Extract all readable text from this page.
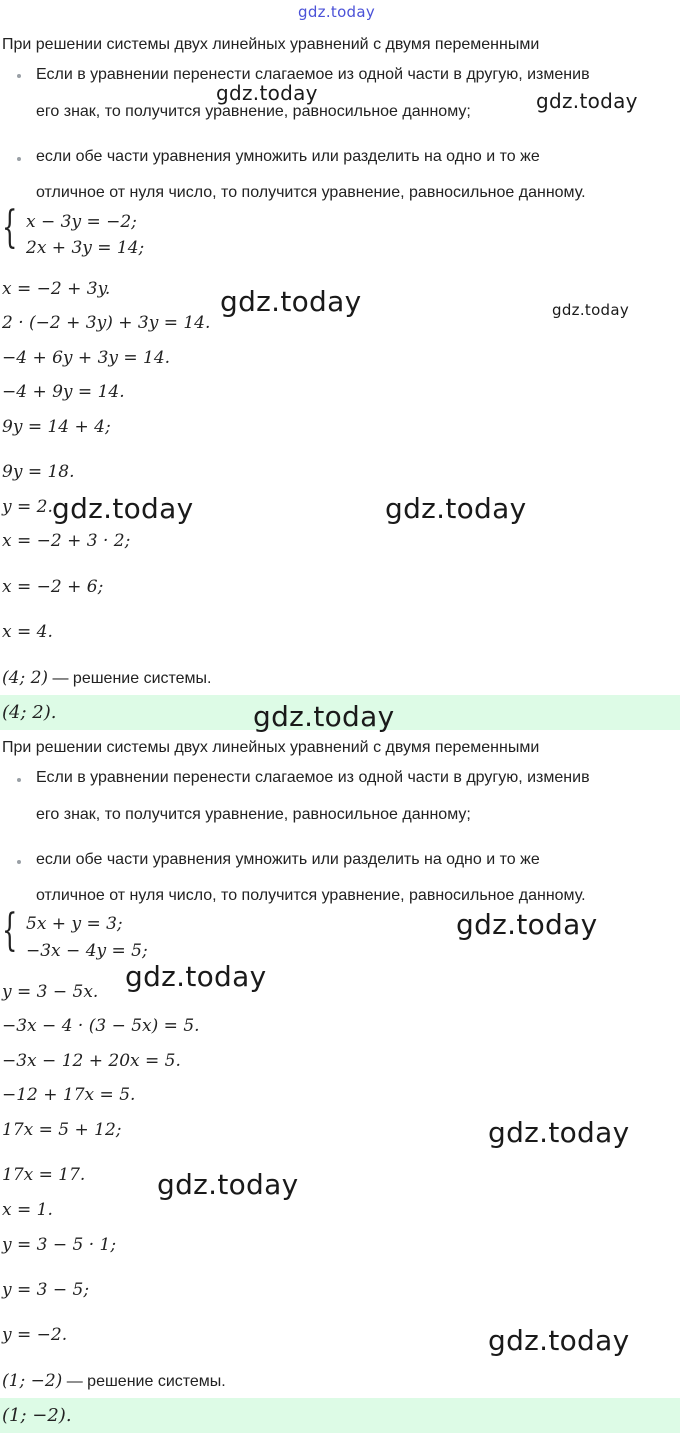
gdz.today
При решении системы двух линейных уравнений с двумя переменными
Если в уравнении перенести слагаемое из одной части в другую, изменив
его знак, то получится уравнение, равносильное данному;
если обе части уравнения умножить или разделить на одно и то же
отличное от нуля число, то получится уравнение, равносильное данному.
{ x − 3y = −2;
2x + 3y = 14;
x = −2 + 3y.
2 · (−2 + 3y) + 3y = 14.
−4 + 6y + 3y = 14.
−4 + 9y = 14.
9y = 14 + 4;
9y = 18.
y = 2.
x = −2 + 3 · 2;
x = −2 + 6;
x = 4.
(4; 2) — решение системы.
(4; 2).
При решении системы двух линейных уравнений с двумя переменными
Если в уравнении перенести слагаемое из одной части в другую, изменив
его знак, то получится уравнение, равносильное данному;
если обе части уравнения умножить или разделить на одно и то же
отличное от нуля число, то получится уравнение, равносильное данному.
{ 5x + y = 3;
−3x − 4y = 5;
y = 3 − 5x.
−3x − 4 · (3 − 5x) = 5.
−3x − 12 + 20x = 5.
−12 + 17x = 5.
17x = 5 + 12;
17x = 17.
x = 1.
y = 3 − 5 · 1;
y = 3 − 5;
y = −2.
(1; −2) — решение системы.
(1; −2).
gdz.today	gdz.today
gdz.today	gdz.today
gdz.today	gdz.today
gdz.today
gdz.today
gdz.today
gdz.today
gdz.today
gdz.today
